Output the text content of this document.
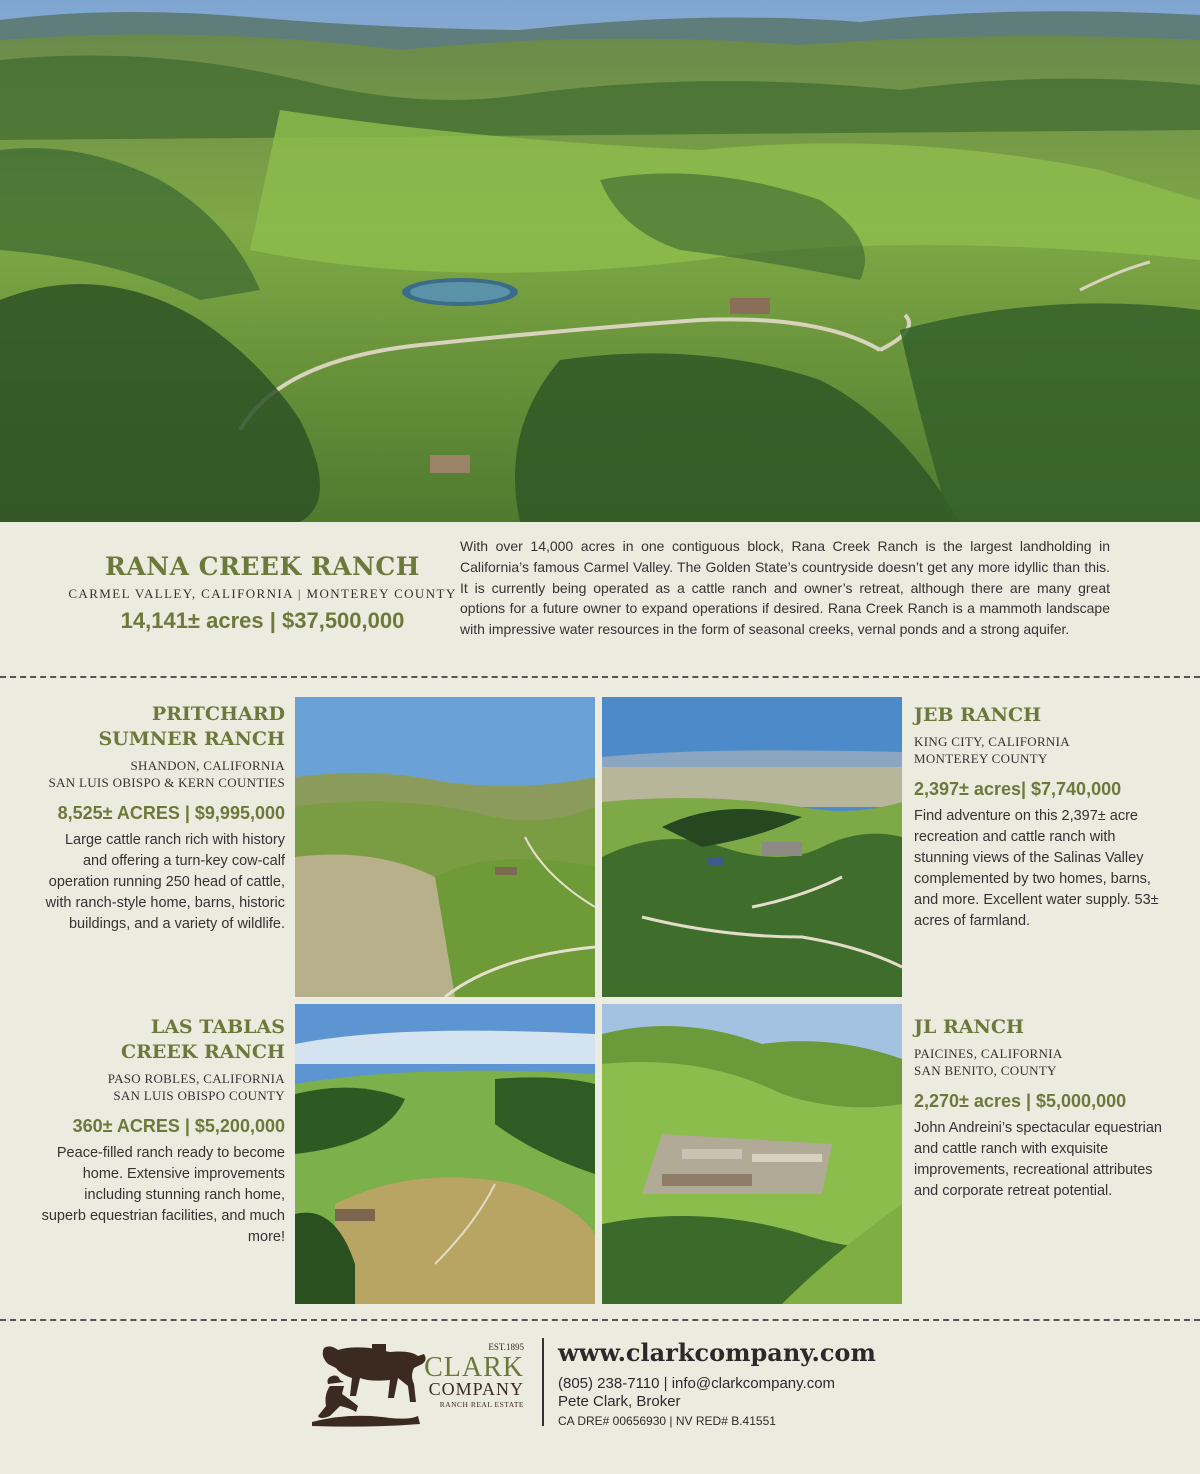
RANA CREEK RANCH
CARMEL VALLEY, CALIFORNIA | MONTEREY COUNTY
14,141± acres | $37,500,000
With over 14,000 acres in one contiguous block, Rana Creek Ranch is the largest landholding in California’s famous Carmel Valley. The Golden State’s countryside doesn’t get any more idyllic than this. It is currently being operated as a cattle ranch and owner’s retreat, although there are many great options for a future owner to expand operations if desired. Rana Creek Ranch is a mammoth landscape with impressive water resources in the form of seasonal creeks, vernal ponds and a strong aquifer.
PRITCHARD
SUMNER RANCH
SHANDON, CALIFORNIA
SAN LUIS OBISPO & KERN COUNTIES
8,525± ACRES | $9,995,000
Large cattle ranch rich with history and offering a turn-key cow-calf operation running 250 head of cattle, with ranch-style home, barns, historic buildings, and a variety of wildlife.
JEB RANCH
KING CITY, CALIFORNIA
MONTEREY COUNTY
2,397± acres| $7,740,000
Find adventure on this 2,397± acre recreation and cattle ranch with stunning views of the Salinas Valley complemented by two homes, barns, and more. Excellent water supply. 53± acres of farmland.
LAS TABLAS
CREEK RANCH
PASO ROBLES, CALIFORNIA
SAN LUIS OBISPO COUNTY
360± ACRES | $5,200,000
Peace-filled ranch ready to become home. Extensive improvements including stunning ranch home, superb equestrian facilities, and much more!
JL RANCH
PAICINES, CALIFORNIA
SAN BENITO, COUNTY
2,270± acres | $5,000,000
John Andreini’s spectacular equestrian and cattle ranch with exquisite improvements, recreational attributes and corporate retreat potential.
EST.1895
CLARK
COMPANY
RANCH REAL ESTATE
www.clarkcompany.com
(805) 238-7110 | info@clarkcompany.com
Pete Clark, Broker
CA DRE# 00656930 | NV RED# B.41551
